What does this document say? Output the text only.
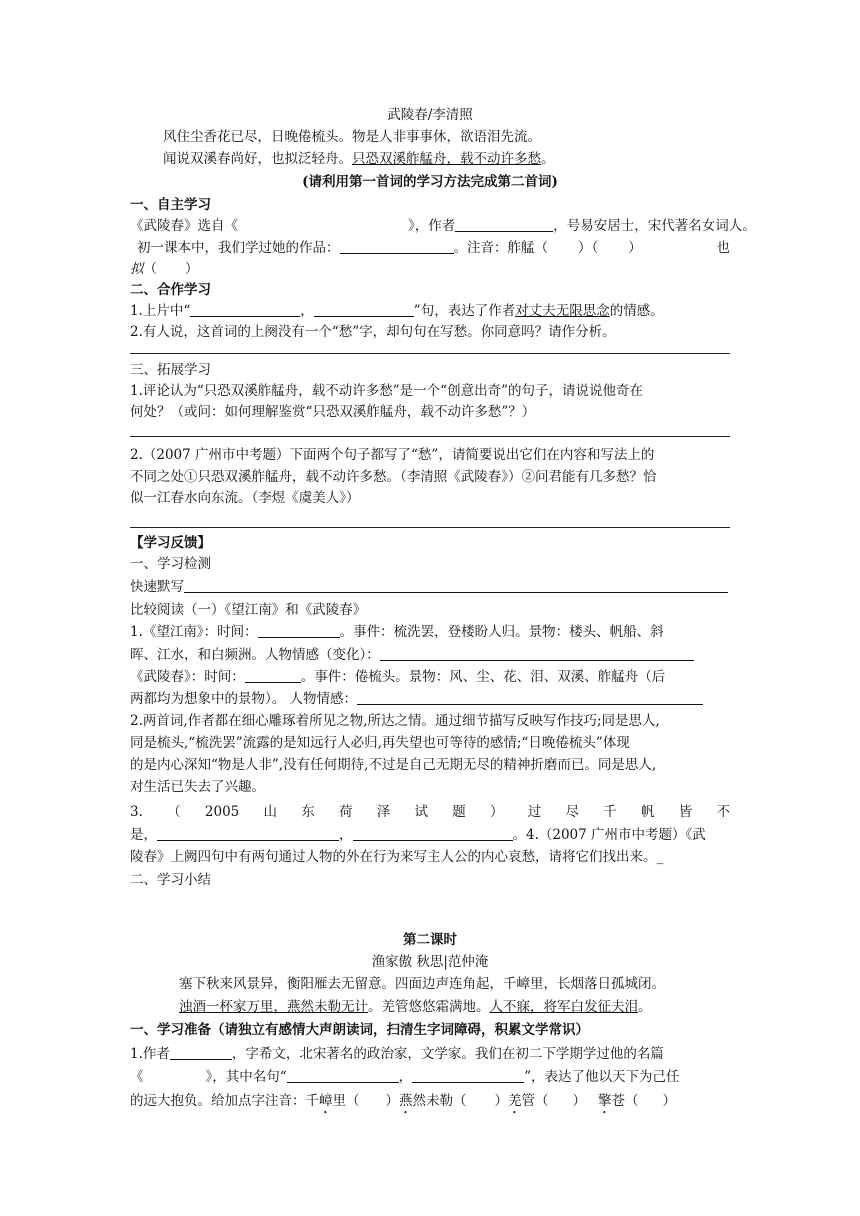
武陵春/李清照
风住尘香花已尽，日晚倦梳头。物是人非事事休，欲语泪先流。
闻说双溪春尚好，也拟泛轻舟。只恐双溪舴艋舟，载不动许多愁。
(请利用第一首词的学习方法完成第二首词)
一、自主学习
《武陵春》选自《	》，作者	，号易安居士，宋代著名女词人。
初一课本中，我们学过她的作品：	。注音：舴艋（ ）（ ）	也
拟（ ）
二、合作学习
1.上片中“	，	”句，表达了作者对丈夫无限思念的情感。
2.有人说，这首词的上阕没有一个“愁”字，却句句在写愁。你同意吗？请作分析。
三、拓展学习
1.评论认为“只恐双溪舴艋舟，载不动许多愁”是一个“创意出奇”的句子，请说说他奇在
何处？（或问：如何理解鉴赏“只恐双溪舴艋舟，载不动许多愁”？）
2.（2007 广州市中考题）下面两个句子都写了“愁”，请简要说出它们在内容和写法上的
不同之处①只恐双溪舴艋舟，载不动许多愁。（李清照《武陵春》）②问君能有几多愁？恰
似一江春水向东流。（李煜《虞美人》）
【学习反馈】
一、学习检测
快速默写
比较阅读（一）《望江南》和《武陵春》
1.《望江南》：时间：	。事件：梳洗罢，登楼盼人归。景物：楼头、帆船、斜
晖、江水，和白频洲。人物情感（变化）：
《武陵春》：时间：	。事件：倦梳头。景物：风、尘、花、泪、双溪、舴艋舟（后
两都均为想象中的景物）。 人物情感：
2.两首词,作者都在细心雕琢着所见之物,所达之情。通过细节描写反映写作技巧;同是思人,
同是梳头,“梳洗罢”流露的是知远行人必归,再失望也可等待的感情;“日晚倦梳头”体现
的是内心深知“物是人非”,没有任何期待,不过是自己无期无尽的精神折磨而已。同是思人,
对生活已失去了兴趣。
3. （ 2005 山 东 荷 泽 试 题 ） 过 尽 千 帆 皆 不
是，	，	。4.（2007 广州市中考题）《武
陵春》上阙四句中有两句通过人物的外在行为来写主人公的内心哀愁，请将它们找出来。_
二、学习小结
第二课时
渔家傲 秋思|范仲淹
塞下秋来风景异，衡阳雁去无留意。四面边声连角起，千嶂里，长烟落日孤城闭。
浊酒一杯家万里，燕然未勒无计。羌管悠悠霜满地。人不寐，将军白发征夫泪。
一、学习准备（请独立有感情大声朗读词，扫清生字词障碍，积累文学常识）
1.作者	，字希文，北宋著名的政治家，文学家。我们在初二下学期学过他的名篇
《	》，其中名句“	，	”，表达了他以天下为己任
的远大抱负。给加点字注音：千嶂里（ ）燕然未勒（ ）羌管（ ） 擎苍（ ）
